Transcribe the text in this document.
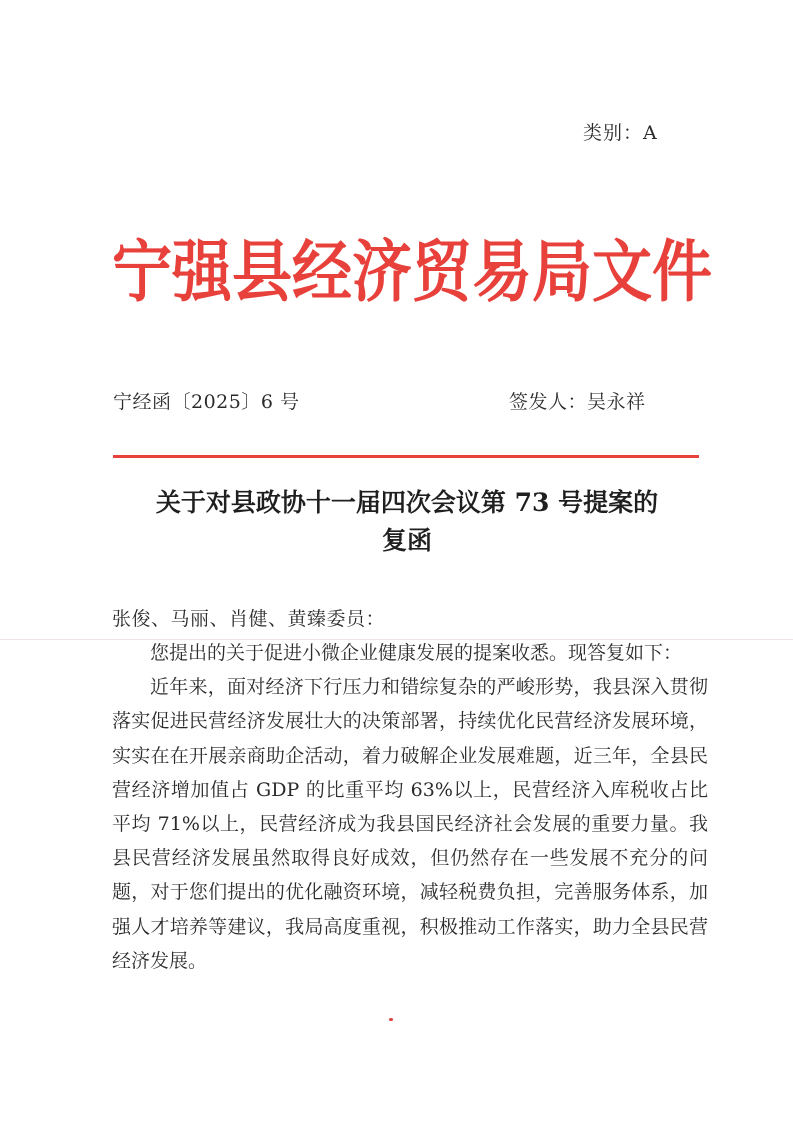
类别：A
宁强县经济贸易局文件
宁经函〔2025〕6 号	签发人：吴永祥
关于对县政协十一届四次会议第 73 号提案的
复函
张俊、马丽、肖健、黄臻委员：

您提出的关于促进小微企业健康发展的提案收悉。现答复如下：

近年来，面对经济下行压力和错综复杂的严峻形势，我县深入贯彻落实促进民营经济发展壮大的决策部署，持续优化民营经济发展环境，实实在在开展亲商助企活动，着力破解企业发展难题，近三年，全县民营经济增加值占 GDP 的比重平均 63%以上，民营经济入库税收占比平均 71%以上，民营经济成为我县国民经济社会发展的重要力量。我县民营经济发展虽然取得良好成效，但仍然存在一些发展不充分的问题，对于您们提出的优化融资环境，减轻税费负担，完善服务体系，加强人才培养等建议，我局高度重视，积极推动工作落实，助力全县民营经济发展。
